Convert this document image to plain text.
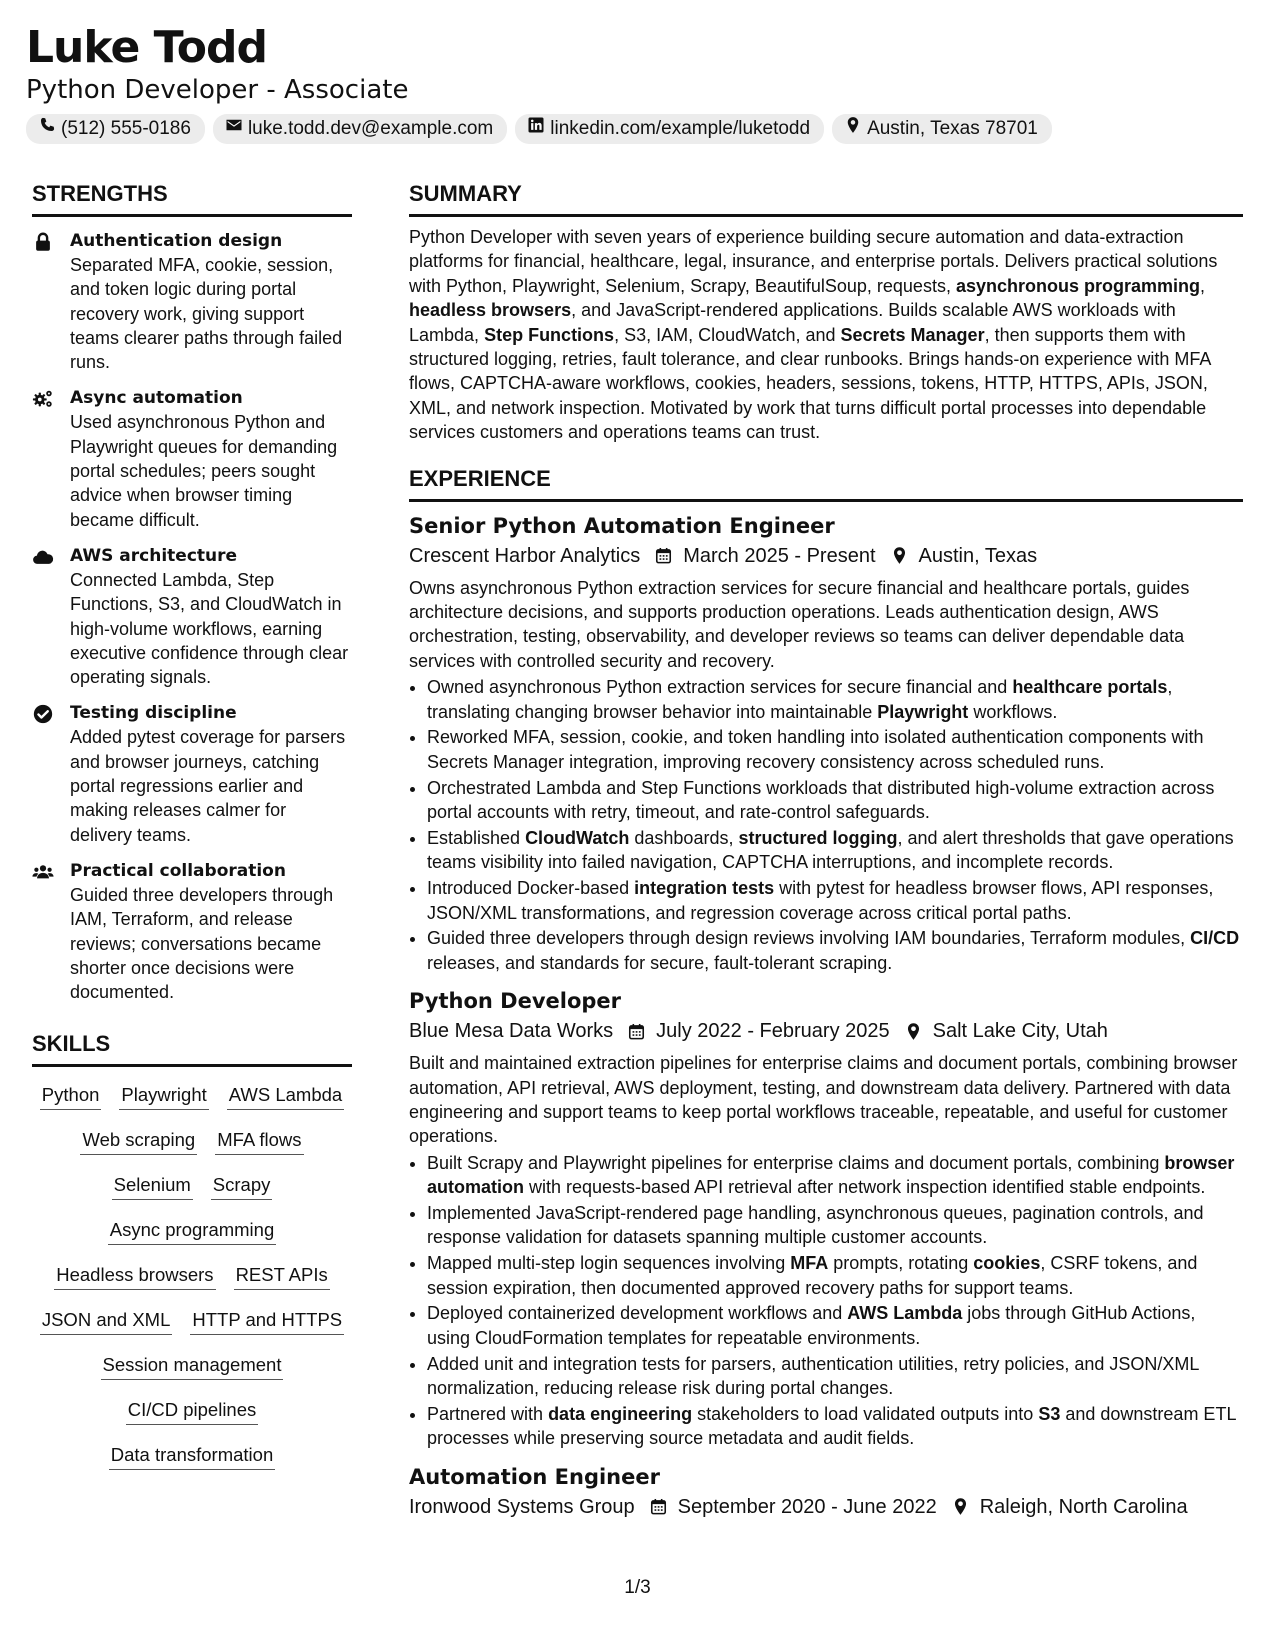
Luke Todd

Python Developer - Associate

(512) 555-0186	luke.todd.dev@example.com	linkedin.com/example/luketodd	Austin, Texas 78701
STRENGTHS
Authentication design
Separated MFA, cookie, session, and token logic during portal recovery work, giving support teams clearer paths through failed runs.
Async automation
Used asynchronous Python and Playwright queues for demanding portal schedules; peers sought advice when browser timing became difficult.
AWS architecture
Connected Lambda, Step Functions, S3, and CloudWatch in high-volume workflows, earning executive confidence through clear operating signals.
Testing discipline
Added pytest coverage for parsers and browser journeys, catching portal regressions earlier and making releases calmer for delivery teams.
Practical collaboration
Guided three developers through IAM, Terraform, and release reviews; conversations became shorter once decisions were documented.
SKILLS
Python Playwright AWS Lambda
Web scraping MFA flows
Selenium Scrapy
Async programming
Headless browsers REST APIs
JSON and XML HTTP and HTTPS
Session management
CI/CD pipelines
Data transformation
SUMMARY
Python Developer with seven years of experience building secure automation and data-extraction platforms for financial, healthcare, legal, insurance, and enterprise portals. Delivers practical solutions with Python, Playwright, Selenium, Scrapy, BeautifulSoup, requests, asynchronous programming, headless browsers, and JavaScript-rendered applications. Builds scalable AWS workloads with Lambda, Step Functions, S3, IAM, CloudWatch, and Secrets Manager, then supports them with structured logging, retries, fault tolerance, and clear runbooks. Brings hands-on experience with MFA flows, CAPTCHA-aware workflows, cookies, headers, sessions, tokens, HTTP, HTTPS, APIs, JSON, XML, and network inspection. Motivated by work that turns difficult portal processes into dependable services customers and operations teams can trust.
EXPERIENCE
Senior Python Automation Engineer
Crescent Harbor Analytics March 2025 - Present Austin, Texas
Owns asynchronous Python extraction services for secure financial and healthcare portals, guides architecture decisions, and supports production operations. Leads authentication design, AWS orchestration, testing, observability, and developer reviews so teams can deliver dependable data services with controlled security and recovery.
• Owned asynchronous Python extraction services for secure financial and healthcare portals, translating changing browser behavior into maintainable Playwright workflows.
• Reworked MFA, session, cookie, and token handling into isolated authentication components with Secrets Manager integration, improving recovery consistency across scheduled runs.
• Orchestrated Lambda and Step Functions workloads that distributed high-volume extraction across portal accounts with retry, timeout, and rate-control safeguards.
• Established CloudWatch dashboards, structured logging, and alert thresholds that gave operations teams visibility into failed navigation, CAPTCHA interruptions, and incomplete records.
• Introduced Docker-based integration tests with pytest for headless browser flows, API responses, JSON/XML transformations, and regression coverage across critical portal paths.
• Guided three developers through design reviews involving IAM boundaries, Terraform modules, CI/CD releases, and standards for secure, fault-tolerant scraping.
Python Developer
Blue Mesa Data Works July 2022 - February 2025 Salt Lake City, Utah
Built and maintained extraction pipelines for enterprise claims and document portals, combining browser automation, API retrieval, AWS deployment, testing, and downstream data delivery. Partnered with data engineering and support teams to keep portal workflows traceable, repeatable, and useful for customer operations.
• Built Scrapy and Playwright pipelines for enterprise claims and document portals, combining browser automation with requests-based API retrieval after network inspection identified stable endpoints.
• Implemented JavaScript-rendered page handling, asynchronous queues, pagination controls, and response validation for datasets spanning multiple customer accounts.
• Mapped multi-step login sequences involving MFA prompts, rotating cookies, CSRF tokens, and session expiration, then documented approved recovery paths for support teams.
• Deployed containerized development workflows and AWS Lambda jobs through GitHub Actions, using CloudFormation templates for repeatable environments.
• Added unit and integration tests for parsers, authentication utilities, retry policies, and JSON/XML normalization, reducing release risk during portal changes.
• Partnered with data engineering stakeholders to load validated outputs into S3 and downstream ETL processes while preserving source metadata and audit fields.
Automation Engineer
Ironwood Systems Group September 2020 - June 2022 Raleigh, North Carolina
1/3
